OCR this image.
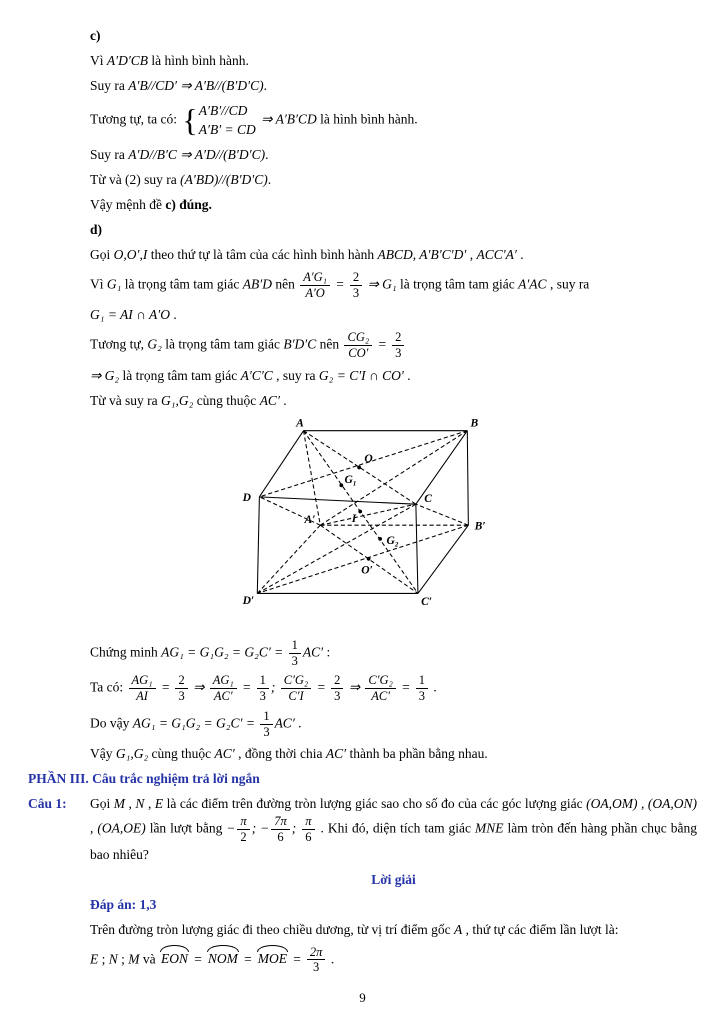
c)
Vì A′D′CB là hình bình hành.
Suy ra A′B//CD′ ⇒ A′B//(B′D′C).
Tương tự, ta có: { A′B′//CD
A′B′ = CD
⇒ A′B′CD là hình bình hành.
Suy ra A′D//B′C ⇒ A′D//(B′D′C).
Từ và (2) suy ra (A′BD)//(B′D′C).
Vậy mệnh đề c) đúng.
d)
Gọi O,O′,I theo thứ tự là tâm của các hình bình hành ABCD, A′B′C′D′ , ACC′A′ .
Vì G₁ là trọng tâm tam giác AB′D nên $\frac{\text{A′G₁}}{A'O} = \frac{2}{3}$ ⇒ G₁ là trọng tâm tam giác A′AC , suy ra
G₁ = AI ∩ A′O .
Tương tự, G₂ là trọng tâm tam giác B′D′C nên $\frac{\text{CG₂}}{CO'} = \frac{2}{3}$
⇒ G₂ là trọng tâm tam giác A′C′C , suy ra G₂ = C′I ∩ CO′ .
Từ và suy ra G₁,G₂ cùng thuộc AC′ .
A	B
O
D	C
G₁
A′	I
B′
G₂
O′
D′	C′
Chứng minh $AG_1 = G_1G_2 = G_2C' = \frac{1}{3} AC'$ :
Ta có: $\frac{\text{AG₁}}{AI} = \frac{2}{3}$ ⇒ $\frac{\text{AG₁}}{AC'} = \frac{1}{3}$ ; $\frac{\text{C′G₂}}{C'I} = \frac{2}{3}$ ⇒ $\frac{\text{C′G₂}}{AC'} = \frac{1}{3}$ .
Do vậy $AG_1 = G_1G_2 = G_2C' = \frac{1}{3} AC'$ .
Vậy G₁,G₂ cùng thuộc AC′ , đồng thời chia AC′ thành ba phần bằng nhau.
PHẦN III. Câu trắc nghiệm trả lời ngắn
Câu 1: Gọi M , N , E là các điểm trên đường tròn lượng giác sao cho số đo của các góc lượng giác (OA,OM) , (OA,ON) , (OA,OE) lần lượt bằng − $\frac{\pi}{2}$ ; − $\frac{7\pi}{6}$ ; $\frac{\pi}{6}$ . Khi đó, diện tích tam giác MNE làm tròn đến hàng phần chục bằng bao nhiêu?
Lời giải
Đáp án: 1,3
Trên đường tròn lượng giác đi theo chiều dương, từ vị trí điểm gốc A , thứ tự các điểm lần lượt là:
E ; N ; M và EON = NOM = MOE = $\frac{2\pi}{3}$ .
9
